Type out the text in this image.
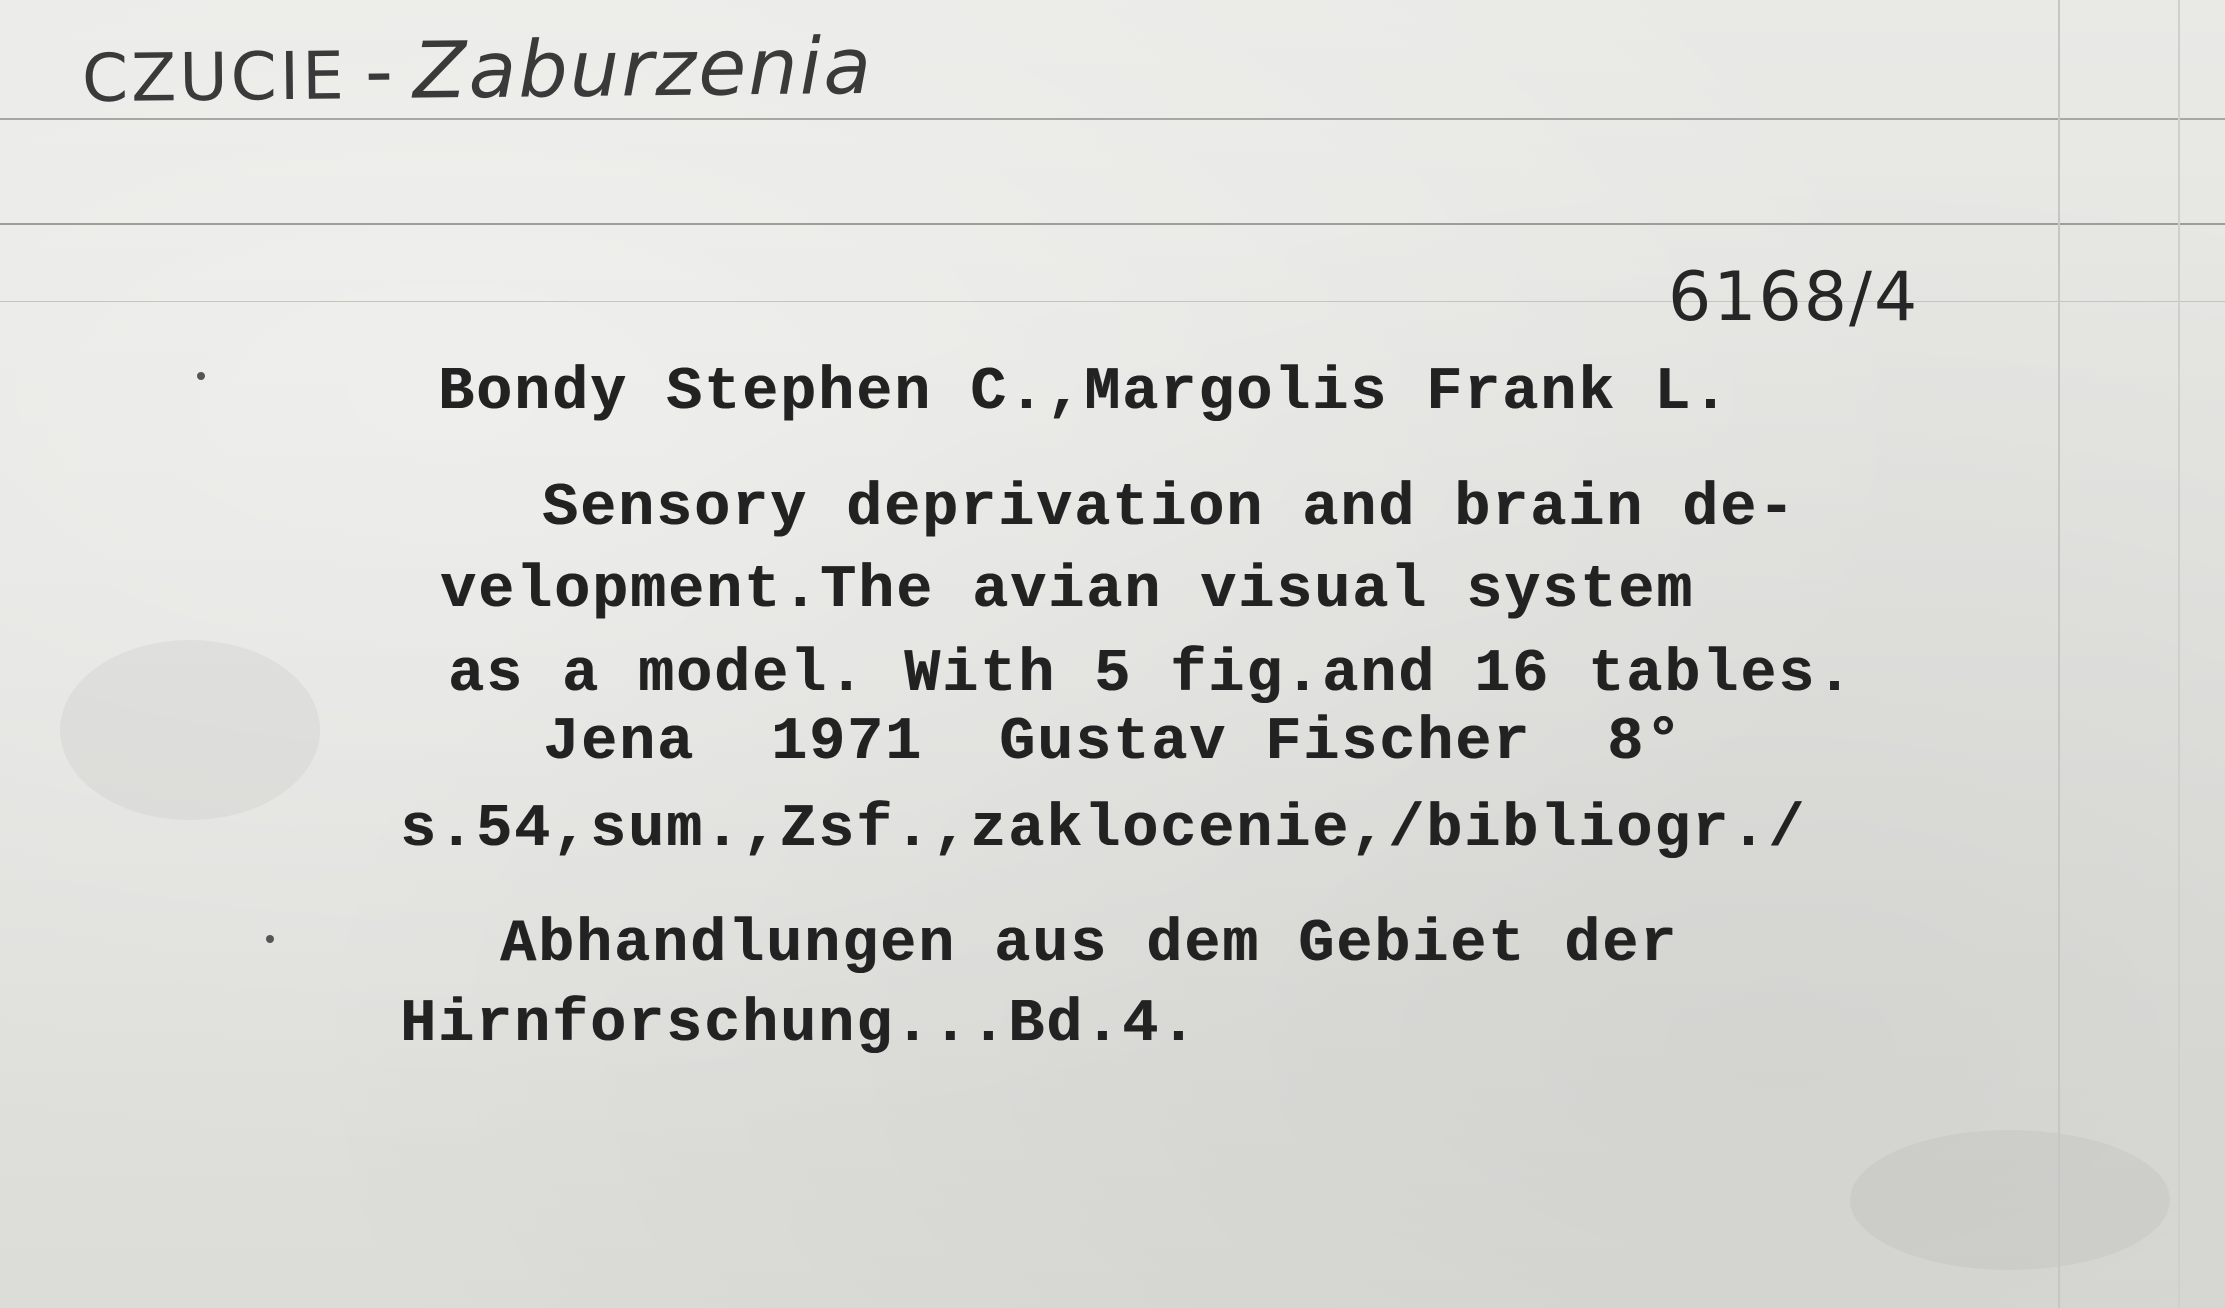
CZUCIE - Zaburzenia
6168/4
Bondy Stephen C.,Margolis Frank L.
Sensory deprivation and brain de-
velopment.The avian visual system
as a model. With 5 fig.and 16 tables.
Jena  1971  Gustav Fischer  8°
s.54,sum.,Zsf.,zaklocenie,/bibliogr./
Abhandlungen aus dem Gebiet der
Hirnforschung...Bd.4.
